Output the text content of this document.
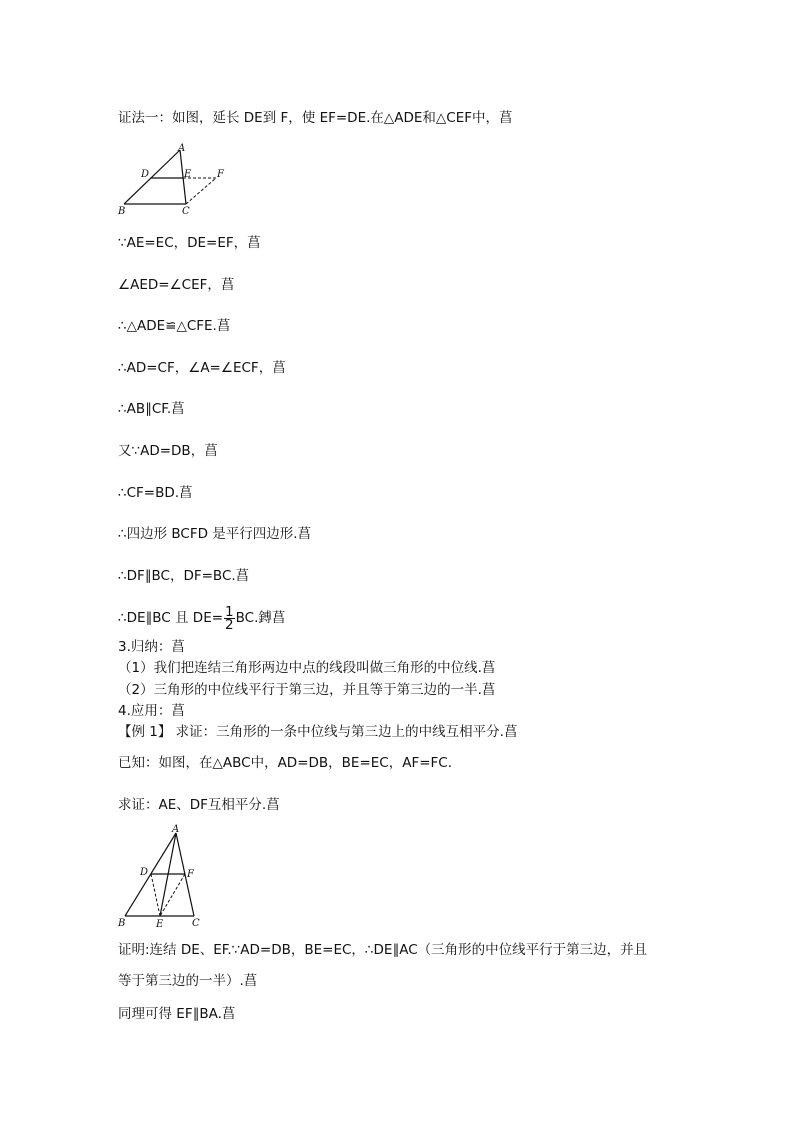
证法一：如图，延长 DE到 F，使 EF=DE.在△ADE和△CEF中，菖
A
D	E	F
B	C
∵AE=EC，DE=EF，菖
∠AED=∠CEF，菖
∴△ADE≌△CFE.菖
∴AD=CF，∠A=∠ECF，菖
∴AB∥CF.菖
又∵AD=DB，菖
∴CF=BD.菖
∴四边形 BCFD 是平行四边形.菖
∴DF∥BC，DF=BC.菖
∴DE∥BC 且 $DE= \frac{1}{2}$ BC.鎛菖
3.归纳：菖
（1）我们把连结三角形两边中点的线段叫做三角形的中位线.菖
（2）三角形的中位线平行于第三边，并且等于第三边的一半.菖
4.应用：菖
【例 1】 求证：三角形的一条中位线与第三边上的中线互相平分.菖
已知：如图，在△ABC中，AD=DB，BE=EC，AF=FC.
求证：AE、DF互相平分.菖
A
D	F
B	E	C
证明:连结 DE、EF.∵AD=DB，BE=EC，∴DE∥AC（三角形的中位线平行于第三边，并且
等于第三边的一半）.菖
同理可得 EF∥BA.菖
